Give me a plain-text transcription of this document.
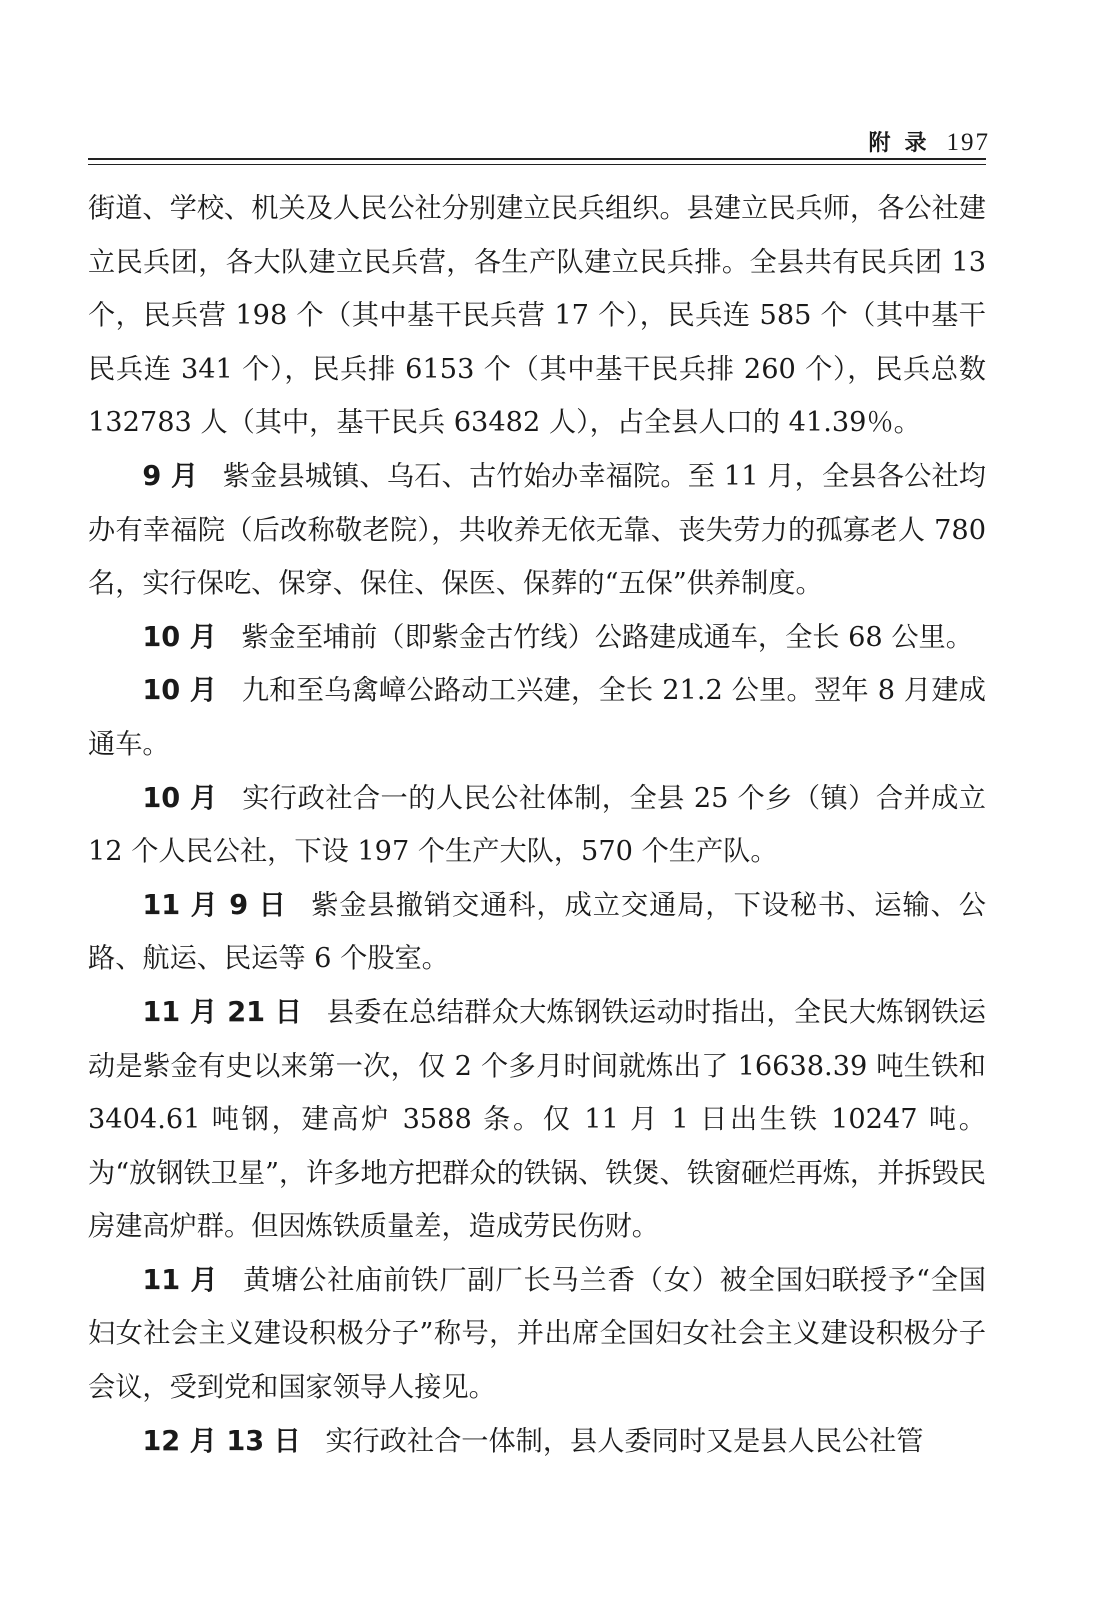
附录 197

街道、学校、机关及人民公社分别建立民兵组织。县建立民兵师，各公社建立民兵团，各大队建立民兵营，各生产队建立民兵排。全县共有民兵团 13 个，民兵营 198 个（其中基干民兵营 17 个），民兵连 585 个（其中基干民兵连 341 个），民兵排 6153 个（其中基干民兵排 260 个），民兵总数 132783 人（其中，基干民兵 63482 人），占全县人口的 41.39％。

9 月 紫金县城镇、乌石、古竹始办幸福院。至 11 月，全县各公社均办有幸福院（后改称敬老院），共收养无依无靠、丧失劳力的孤寡老人 780 名，实行保吃、保穿、保住、保医、保葬的“五保”供养制度。

10 月 紫金至埔前（即紫金古竹线）公路建成通车，全长 68 公里。

10 月 九和至乌禽嶂公路动工兴建，全长 21.2 公里。翌年 8 月建成通车。

10 月 实行政社合一的人民公社体制，全县 25 个乡（镇）合并成立 12 个人民公社，下设 197 个生产大队，570 个生产队。

11 月 9 日 紫金县撤销交通科，成立交通局，下设秘书、运输、公路、航运、民运等 6 个股室。

11 月 21 日 县委在总结群众大炼钢铁运动时指出，全民大炼钢铁运动是紫金有史以来第一次，仅 2 个多月时间就炼出了 16638.39 吨生铁和 3404.61 吨钢，建高炉 3588 条。仅 11 月 1 日出生铁 10247 吨。为“放钢铁卫星”，许多地方把群众的铁锅、铁煲、铁窗砸烂再炼，并拆毁民房建高炉群。但因炼铁质量差，造成劳民伤财。

11 月 黄塘公社庙前铁厂副厂长马兰香（女）被全国妇联授予“全国妇女社会主义建设积极分子”称号，并出席全国妇女社会主义建设积极分子会议，受到党和国家领导人接见。

12 月 13 日 实行政社合一体制，县人委同时又是县人民公社管
